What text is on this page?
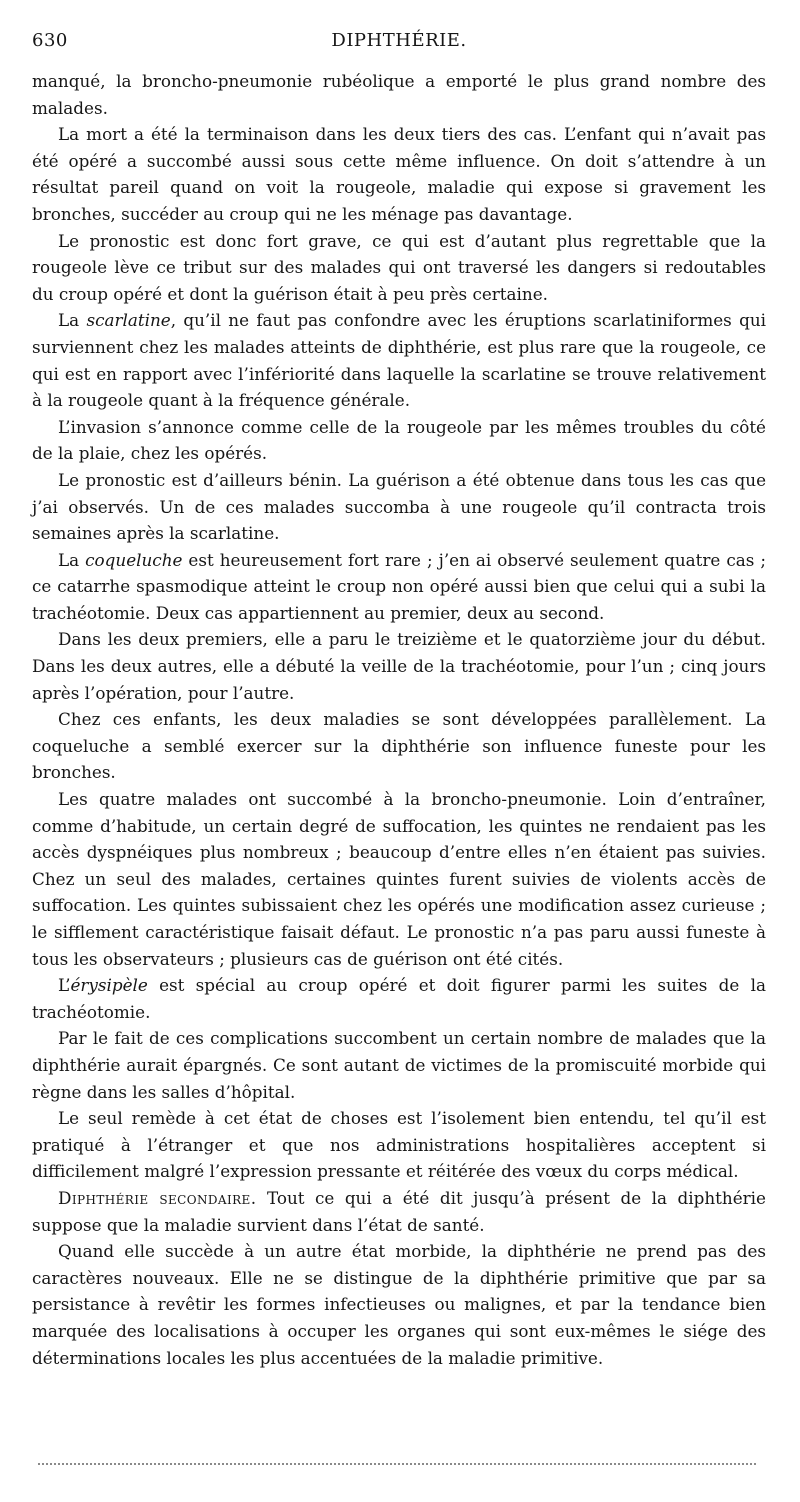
630	DIPHTHÉRIE.

manqué, la broncho-pneumonie rubéolique a emporté le plus grand nombre des malades.

La mort a été la terminaison dans les deux tiers des cas. L’enfant qui n’avait pas été opéré a succombé aussi sous cette même influence. On doit s’attendre à un résultat pareil quand on voit la rougeole, maladie qui expose si gravement les bronches, succéder au croup qui ne les ménage pas davantage.

Le pronostic est donc fort grave, ce qui est d’autant plus regrettable que la rougeole lève ce tribut sur des malades qui ont traversé les dangers si redoutables du croup opéré et dont la guérison était à peu près certaine.

La scarlatine, qu’il ne faut pas confondre avec les éruptions scarlatiniformes qui surviennent chez les malades atteints de diphthérie, est plus rare que la rougeole, ce qui est en rapport avec l’infériorité dans laquelle la scarlatine se trouve relativement à la rougeole quant à la fréquence générale.

L’invasion s’annonce comme celle de la rougeole par les mêmes troubles du côté de la plaie, chez les opérés.

Le pronostic est d’ailleurs bénin. La guérison a été obtenue dans tous les cas que j’ai observés. Un de ces malades succomba à une rougeole qu’il contracta trois semaines après la scarlatine.

La coqueluche est heureusement fort rare ; j’en ai observé seulement quatre cas ; ce catarrhe spasmodique atteint le croup non opéré aussi bien que celui qui a subi la trachéotomie. Deux cas appartiennent au premier, deux au second.

Dans les deux premiers, elle a paru le treizième et le quatorzième jour du début. Dans les deux autres, elle a débuté la veille de la trachéotomie, pour l’un ; cinq jours après l’opération, pour l’autre.

Chez ces enfants, les deux maladies se sont développées parallèlement. La coqueluche a semblé exercer sur la diphthérie son influence funeste pour les bronches.

Les quatre malades ont succombé à la broncho-pneumonie. Loin d’entraîner, comme d’habitude, un certain degré de suffocation, les quintes ne rendaient pas les accès dyspnéiques plus nombreux ; beaucoup d’entre elles n’en étaient pas suivies. Chez un seul des malades, certaines quintes furent suivies de violents accès de suffocation. Les quintes subissaient chez les opérés une modification assez curieuse ; le sifflement caractéristique faisait défaut. Le pronostic n’a pas paru aussi funeste à tous les observateurs ; plusieurs cas de guérison ont été cités.

L’érysipèle est spécial au croup opéré et doit figurer parmi les suites de la trachéotomie.

Par le fait de ces complications succombent un certain nombre de malades que la diphthérie aurait épargnés. Ce sont autant de victimes de la promiscuité morbide qui règne dans les salles d’hôpital.

Le seul remède à cet état de choses est l’isolement bien entendu, tel qu’il est pratiqué à l’étranger et que nos administrations hospitalières acceptent si difficilement malgré l’expression pressante et réitérée des vœux du corps médical.

Diphthérie secondaire. Tout ce qui a été dit jusqu’à présent de la diphthérie suppose que la maladie survient dans l’état de santé.

Quand elle succède à un autre état morbide, la diphthérie ne prend pas des caractères nouveaux. Elle ne se distingue de la diphthérie primitive que par sa persistance à revêtir les formes infectieuses ou malignes, et par la tendance bien marquée des localisations à occuper les organes qui sont eux-mêmes le siége des déterminations locales les plus accentuées de la maladie primitive.
